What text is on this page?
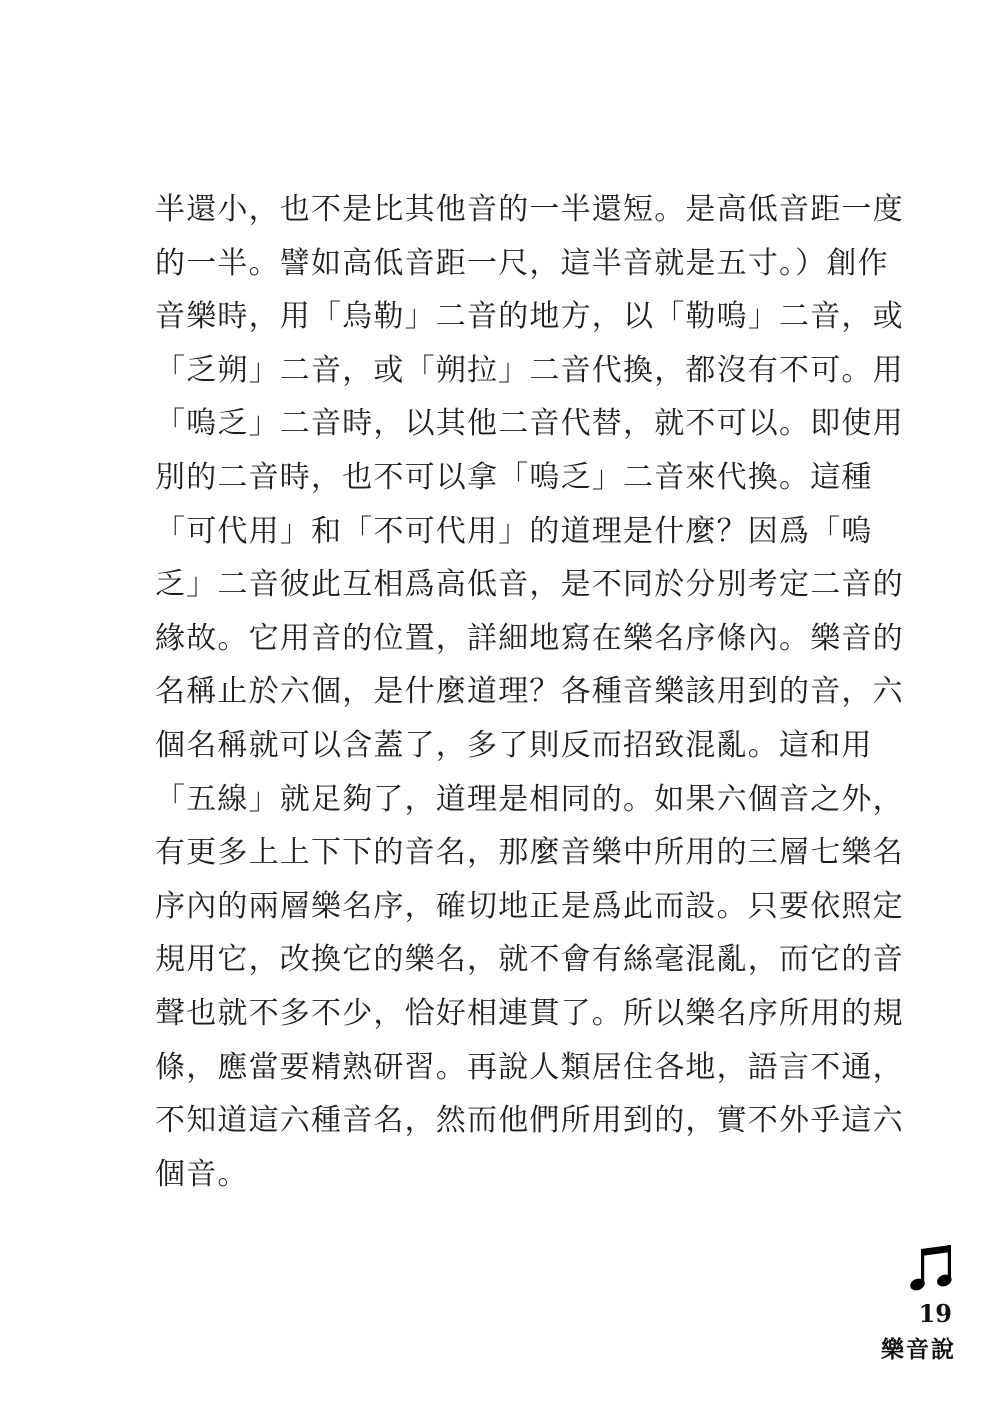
半還小，也不是比其他音的一半還短。是高低音距一度
的一半。譬如高低音距一尺，這半音就是五寸。）創作
音樂時，用「烏勒」二音的地方，以「勒嗚」二音，或
「乏朔」二音，或「朔拉」二音代換，都沒有不可。用
「嗚乏」二音時，以其他二音代替，就不可以。即使用
別的二音時，也不可以拿「嗚乏」二音來代換。這種
「可代用」和「不可代用」的道理是什麼？因爲「嗚
乏」二音彼此互相爲高低音，是不同於分別考定二音的
緣故。它用音的位置，詳細地寫在樂名序條內。樂音的
名稱止於六個，是什麼道理？各種音樂該用到的音，六
個名稱就可以含蓋了，多了則反而招致混亂。這和用
「五線」就足夠了，道理是相同的。如果六個音之外，
有更多上上下下的音名，那麼音樂中所用的三層七樂名
序內的兩層樂名序，確切地正是爲此而設。只要依照定
規用它，改換它的樂名，就不會有絲毫混亂，而它的音
聲也就不多不少，恰好相連貫了。所以樂名序所用的規
條，應當要精熟研習。再說人類居住各地，語言不通，
不知道這六種音名，然而他們所用到的，實不外乎這六
個音。
19
樂音說
